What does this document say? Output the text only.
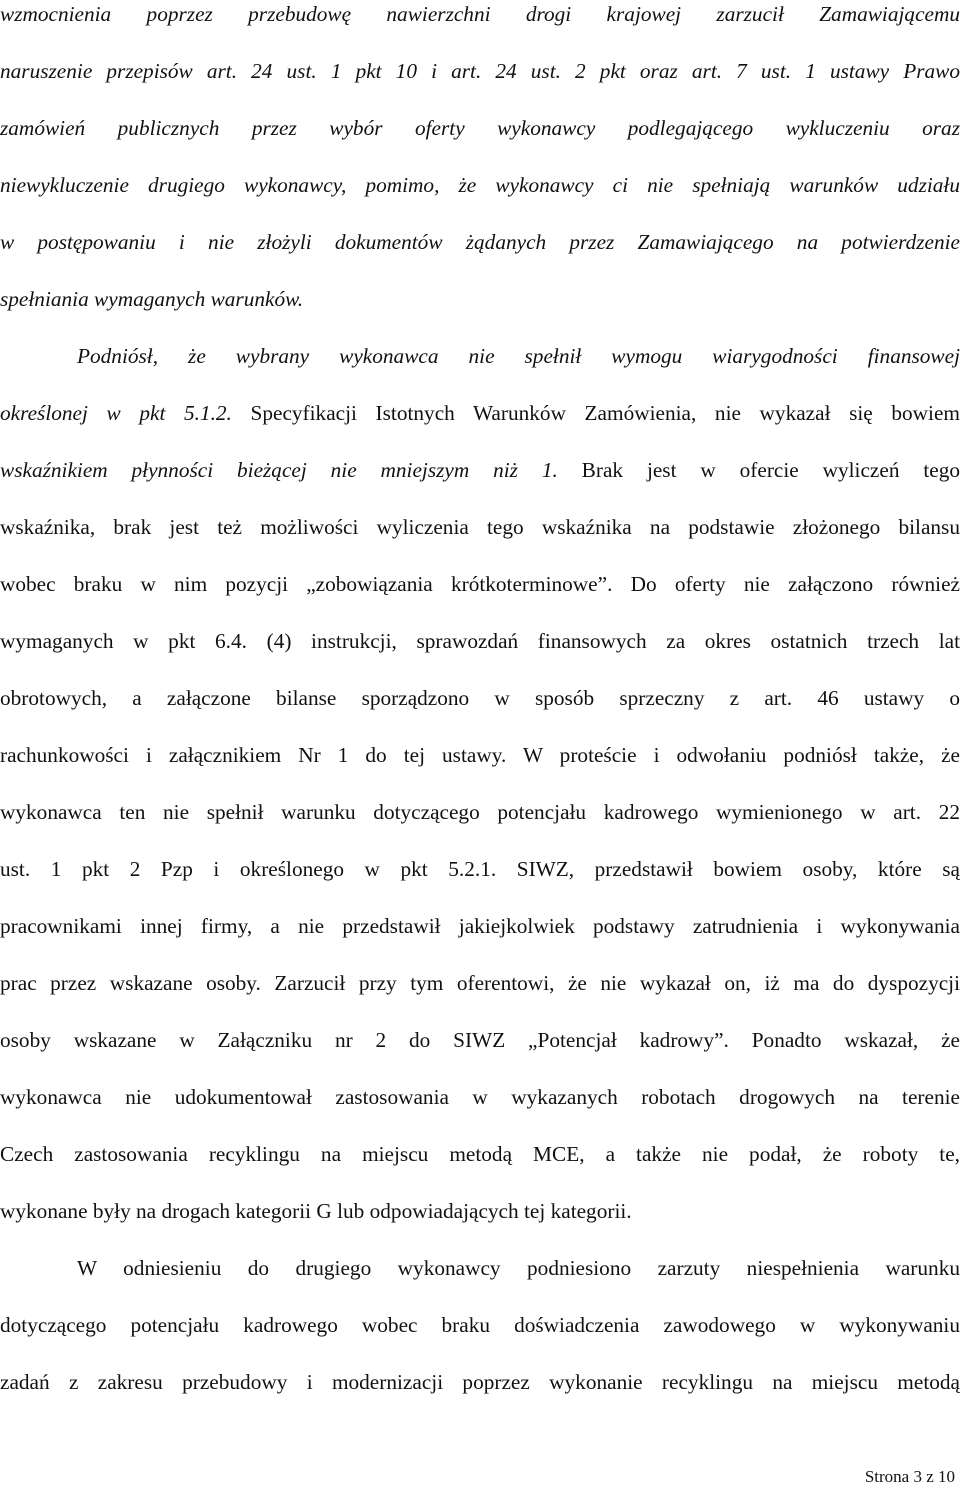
wzmocnienia poprzez przebudowę nawierzchni drogi krajowej zarzucił Zamawiającemu
naruszenie przepisów art. 24 ust. 1 pkt 10 i art. 24 ust. 2 pkt oraz art. 7 ust. 1 ustawy Prawo
zamówień publicznych przez wybór oferty wykonawcy podlegającego wykluczeniu oraz
niewykluczenie drugiego wykonawcy, pomimo, że wykonawcy ci nie spełniają warunków udziału
w postępowaniu i nie złożyli dokumentów żądanych przez Zamawiającego na potwierdzenie
spełniania wymaganych warunków.
Podniósł, że wybrany wykonawca nie spełnił wymogu wiarygodności finansowej
określonej w pkt 5.1.2. Specyfikacji Istotnych Warunków Zamówienia, nie wykazał się bowiem
wskaźnikiem płynności bieżącej nie mniejszym niż 1. Brak jest w ofercie wyliczeń tego
wskaźnika, brak jest też możliwości wyliczenia tego wskaźnika na podstawie złożonego bilansu
wobec braku w nim pozycji „zobowiązania krótkoterminowe”. Do oferty nie załączono również
wymaganych w pkt 6.4. (4) instrukcji, sprawozdań finansowych za okres ostatnich trzech lat
obrotowych, a załączone bilanse sporządzono w sposób sprzeczny z art. 46 ustawy o
rachunkowości i załącznikiem Nr 1 do tej ustawy. W proteście i odwołaniu podniósł także, że
wykonawca ten nie spełnił warunku dotyczącego potencjału kadrowego wymienionego w art. 22
ust. 1 pkt 2 Pzp i określonego w pkt 5.2.1. SIWZ, przedstawił bowiem osoby, które są
pracownikami innej firmy, a nie przedstawił jakiejkolwiek podstawy zatrudnienia i wykonywania
prac przez wskazane osoby. Zarzucił przy tym oferentowi, że nie wykazał on, iż ma do dyspozycji
osoby wskazane w Załączniku nr 2 do SIWZ „Potencjał kadrowy”. Ponadto wskazał, że
wykonawca nie udokumentował zastosowania w wykazanych robotach drogowych na terenie
Czech zastosowania recyklingu na miejscu metodą MCE, a także nie podał, że roboty te,
wykonane były na drogach kategorii G lub odpowiadających tej kategorii.
W odniesieniu do drugiego wykonawcy podniesiono zarzuty niespełnienia warunku
dotyczącego potencjału kadrowego wobec braku doświadczenia zawodowego w wykonywaniu
zadań z zakresu przebudowy i modernizacji poprzez wykonanie recyklingu na miejscu metodą
Strona 3 z 10
